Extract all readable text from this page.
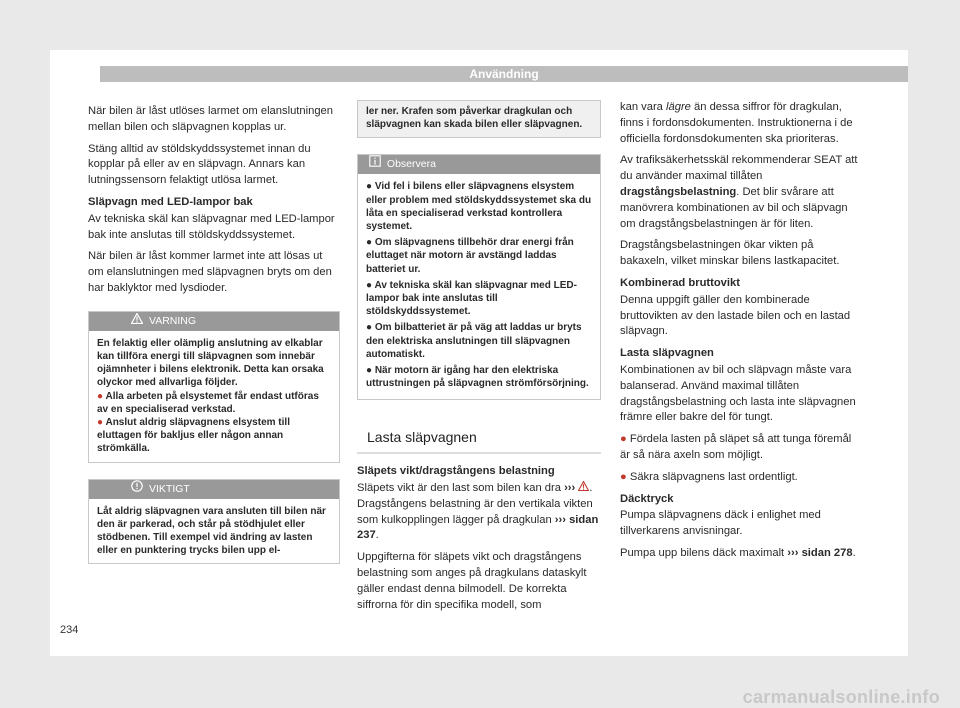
Användning

När bilen är låst utlöses larmet om elanslutningen mellan bilen och släpvagnen kopplas ur.

Stäng alltid av stöldskyddssystemet innan du kopplar på eller av en släpvagn. Annars kan lutningssensorn felaktigt utlösa larmet.

Släpvagn med LED-lampor bak

Av tekniska skäl kan släpvagnar med LED-lampor bak inte anslutas till stöldskyddssystemet.

När bilen är låst kommer larmet inte att lösas ut om elanslutningen med släpvagnen bryts om den har baklyktor med lysdioder.

VARNING

En felaktig eller olämplig anslutning av elkablar kan tillföra energi till släpvagnen som innebär ojämnheter i bilens elektronik. Detta kan orsaka olyckor med allvarliga följder.

● Alla arbeten på elsystemet får endast utföras av en specialiserad verkstad.

● Anslut aldrig släpvagnens elsystem till eluttagen för bakljus eller någon annan strömkälla.

VIKTIGT

Låt aldrig släpvagnen vara ansluten till bilen när den är parkerad, och står på stödhjulet eller stödbenen. Till exempel vid ändring av lasten eller en punktering trycks bilen upp el-

ler ner. Krafen som påverkar dragkulan och släpvagnen kan skada bilen eller släpvagnen.
Observera

● Vid fel i bilens eller släpvagnens elsystem eller problem med stöldskyddssystemet ska du låta en specialiserad verkstad kontrollera systemet.

● Om släpvagnens tillbehör drar energi från eluttaget när motorn är avstängd laddas batteriet ur.

● Av tekniska skäl kan släpvagnar med LED-lampor bak inte anslutas till stöldskyddssystemet.

● Om bilbatteriet är på väg att laddas ur bryts den elektriska anslutningen till släpvagnen automatiskt.

● När motorn är igång har den elektriska uttrustningen på släpvagnen strömförsörjning.

Lasta släpvagnen

Släpets vikt/dragstångens belastning

Släpets vikt är den last som bilen kan dra ››› . Dragstångens belastning är den vertikala vikten som kulkopplingen lägger på dragkulan ››› sidan 237.

Uppgifterna för släpets vikt och dragstångens belastning som anges på dragkulans dataskylt gäller endast denna bilmodell. De korrekta siffrorna för din specifika modell, som

kan vara lägre än dessa siffror för dragkulan, finns i fordonsdokumenten. Instruktionerna i de officiella fordonsdokumenten ska prioriteras.

Av trafiksäkerhetsskäl rekommenderar SEAT att du använder maximal tillåten dragstångsbelastning. Det blir svårare att manövrera kombinationen av bil och släpvagn om dragstångsbelastningen är för liten.

Dragstångsbelastningen ökar vikten på bakaxeln, vilket minskar bilens lastkapacitet.

Kombinerad bruttovikt

Denna uppgift gäller den kombinerade bruttovikten av den lastade bilen och en lastad släpvagn.

Lasta släpvagnen

Kombinationen av bil och släpvagn måste vara balanserad. Använd maximal tillåten dragstångsbelastning och lasta inte släpvagnen främre eller bakre del för tungt.

● Fördela lasten på släpet så att tunga föremål är så nära axeln som möjligt.

● Säkra släpvagnens last ordentligt.

Däcktryck

Pumpa släpvagnens däck i enlighet med tillverkarens anvisningar.

Pumpa upp bilens däck maximalt ››› sidan 278.

234
carmanualsonline.info
